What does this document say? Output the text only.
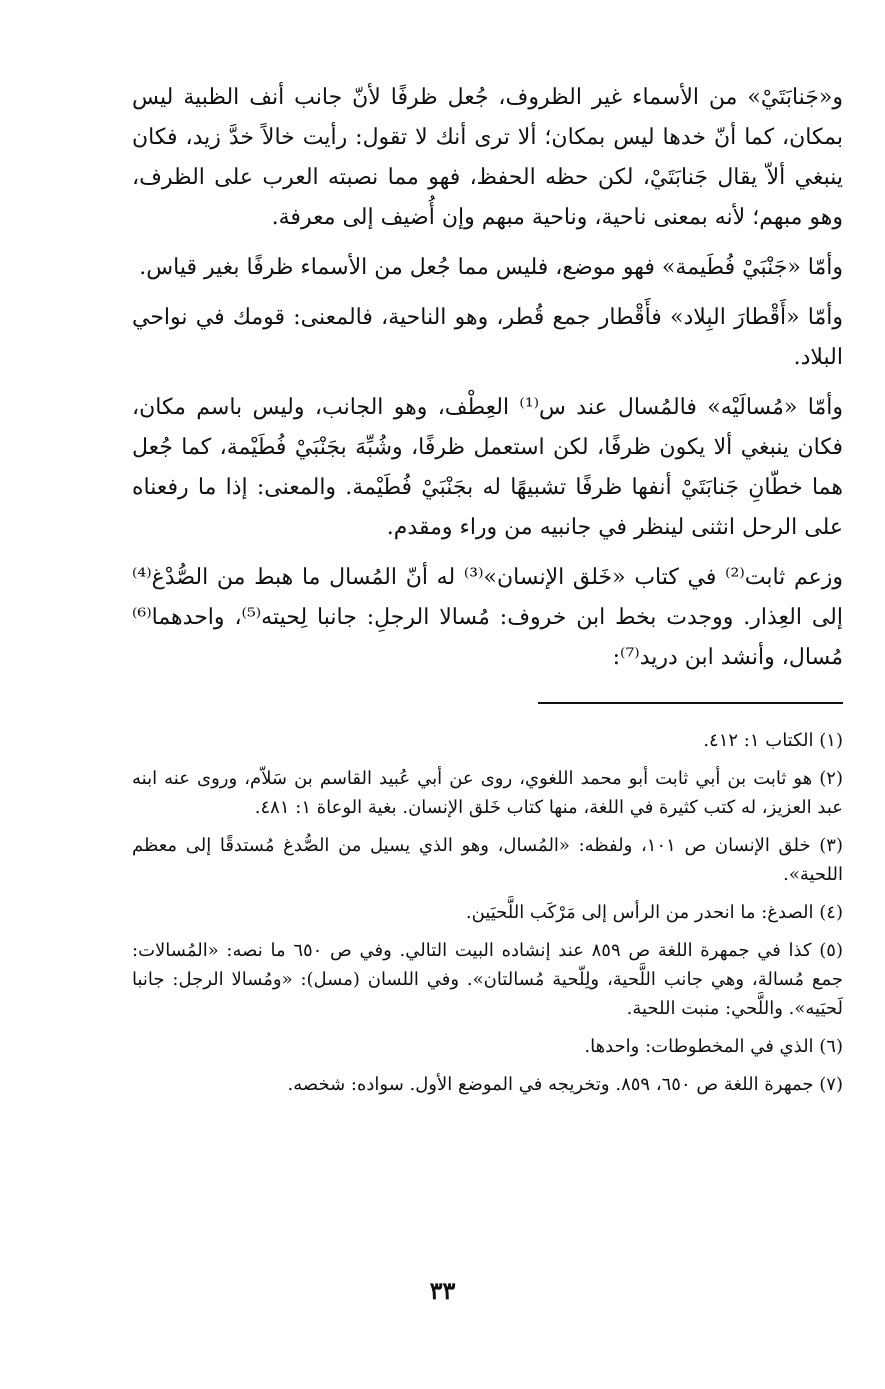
و«جَنابَتَيْ» من الأسماء غير الظروف، جُعل ظرفًا لأنّ جانب أنف الظبية ليس بمكان، كما أنّ خدها ليس بمكان؛ ألا ترى أنك لا تقول: رأيت خالاً خدَّ زيد، فكان ينبغي ألاّ يقال جَنابَتَيْ، لكن حظه الحفظ، فهو مما نصبته العرب على الظرف، وهو مبهم؛ لأنه بمعنى ناحية، وناحية مبهم وإن أُضيف إلى معرفة.

وأمّا «جَنْبَيْ فُطَيمة» فهو موضع، فليس مما جُعل من الأسماء ظرفًا بغير قياس.

وأمّا «أَقْطارَ البِلاد» فأَقْطار جمع قُطر، وهو الناحية، فالمعنى: قومك في نواحي البلاد.

وأمّا «مُسالَيْه» فالمُسال عند س⁽¹⁾ العِطْف، وهو الجانب، وليس باسم مكان، فكان ينبغي ألا يكون ظرفًا، لكن استعمل ظرفًا، وشُبِّهَ بجَنْبَيْ فُطَيْمة، كما جُعل هما خطّانِ جَنابَتَيْ أنفها ظرفًا تشبيهًا له بجَنْبَيْ فُطَيْمة. والمعنى: إذا ما رفعناه على الرحل انثنى لينظر في جانبيه من وراء ومقدم.

وزعم ثابت⁽²⁾ في كتاب «خَلق الإنسان»⁽³⁾ له أنّ المُسال ما هبط من الصُّدْغ⁽⁴⁾ إلى العِذار. ووجدت بخط ابن خروف: مُسالا الرجلِ: جانبا لِحيته⁽⁵⁾، واحدهما⁽⁶⁾ مُسال، وأنشد ابن دريد⁽⁷⁾:

(١) الكتاب ١: ٤١٢.

(٢) هو ثابت بن أبي ثابت أبو محمد اللغوي، روى عن أبي عُبيد القاسم بن سَلاّم، وروى عنه ابنه عبد العزيز، له كتب كثيرة في اللغة، منها كتاب خَلق الإنسان. بغية الوعاة ١: ٤٨١.

(٣) خلق الإنسان ص ١٠١، ولفظه: «المُسال، وهو الذي يسيل من الصُّدغ مُستدقًا إلى معظم اللحية».

(٤) الصدغ: ما انحدر من الرأس إلى مَرْكَب اللَّحيَين.

(٥) كذا في جمهرة اللغة ص ٨٥٩ عند إنشاده البيت التالي. وفي ص ٦٥٠ ما نصه: «المُسالات: جمع مُسالة، وهي جانب اللَّحية، ولِلّحية مُسالتان». وفي اللسان (مسل): «ومُسالا الرجل: جانبا لَحيَيه». واللَّحي: منبت اللحية.

(٦) الذي في المخطوطات: واحدها.

(٧) جمهرة اللغة ص ٦٥٠، ٨٥٩. وتخريجه في الموضع الأول. سواده: شخصه.

٣٣
